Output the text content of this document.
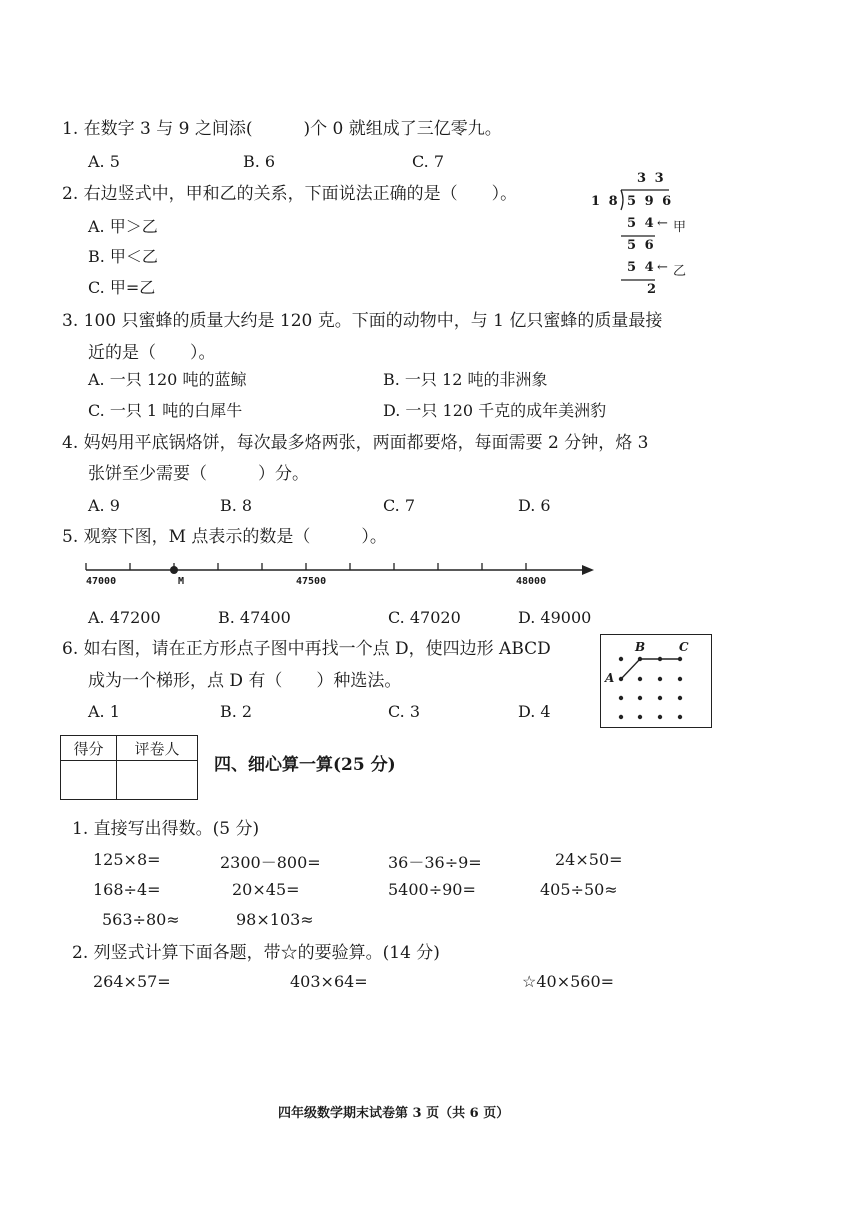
1. 在数字 3 与 9 之间添(　　　)个 0 就组成了三亿零九。
A. 5	B. 6	C. 7
2. 右边竖式中，甲和乙的关系，下面说法正确的是（　　）。
A. 甲＞乙
B. 甲＜乙
C. 甲=乙
3 3
1 8 5 9 6
5 4 ← 甲
5 6
5 4 ← 乙
2
3. 100 只蜜蜂的质量大约是 120 克。下面的动物中，与 1 亿只蜜蜂的质量最接
近的是（　　）。
A. 一只 120 吨的蓝鲸	B. 一只 12 吨的非洲象
C. 一只 1 吨的白犀牛	D. 一只 120 千克的成年美洲豹
4. 妈妈用平底锅烙饼，每次最多烙两张，两面都要烙，每面需要 2 分钟，烙 3
张饼至少需要（　　　）分。
A. 9	B. 8	C. 7	D. 6
5. 观察下图，M 点表示的数是（　　　）。
47000	M	47500	48000
A. 47200	B. 47400	C. 47020	D. 49000
6. 如右图，请在正方形点子图中再找一个点 D，使四边形 ABCD
成为一个梯形，点 D 有（　　）种选法。
A. 1	B. 2	C. 3	D. 4
A
B	C
得分	评卷人

四、细心算一算(25 分)
1. 直接写出得数。(5 分)
125×8=	2300－800=	36－36÷9=	24×50=
168÷4=	20×45=	5400÷90=	405÷50≈
563÷80≈	98×103≈
2. 列竖式计算下面各题，带☆的要验算。(14 分)
264×57=	403×64=	☆40×560=
四年级数学期末试卷第 3 页（共 6 页）
